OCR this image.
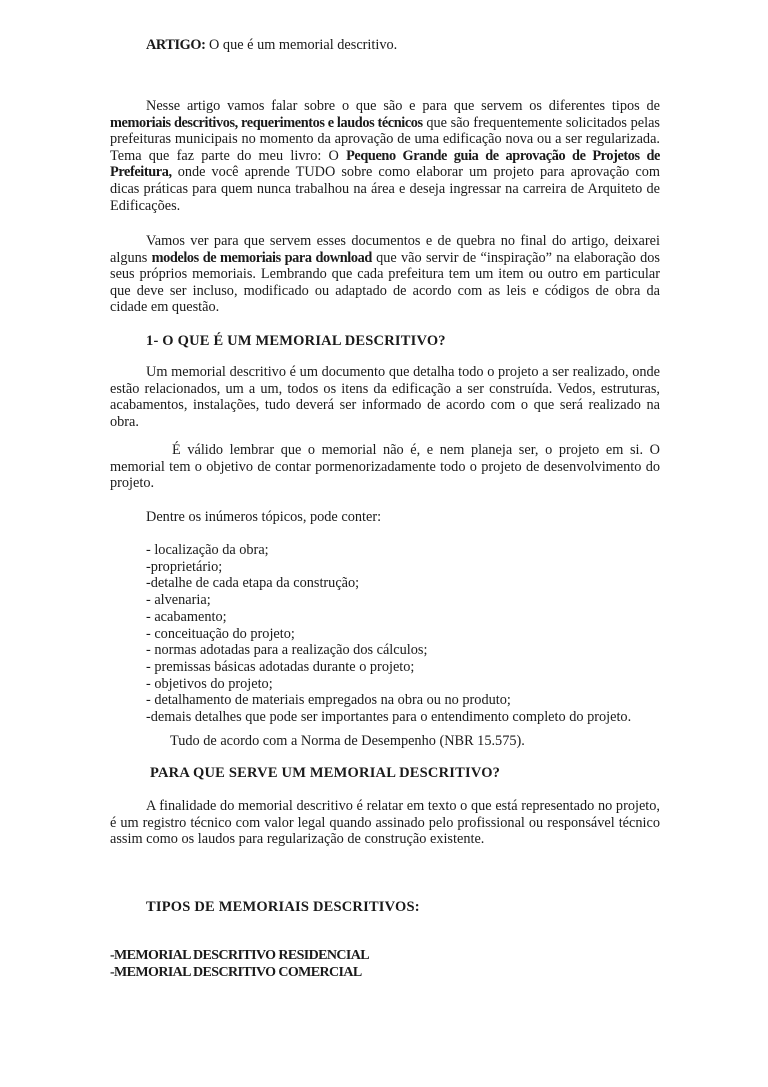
ARTIGO: O que é um memorial descritivo.
Nesse artigo vamos falar sobre o que são e para que servem os diferentes tipos de memoriais descritivos, requerimentos e laudos técnicos que são frequentemente solicitados pelas prefeituras municipais no momento da aprovação de uma edificação nova ou a ser regularizada. Tema que faz parte do meu livro: O Pequeno Grande guia de aprovação de Projetos de Prefeitura, onde você aprende TUDO sobre como elaborar um projeto para aprovação com dicas práticas para quem nunca trabalhou na área e deseja ingressar na carreira de Arquiteto de Edificações.
Vamos ver para que servem esses documentos e de quebra no final do artigo, deixarei alguns modelos de memoriais para download que vão servir de “inspiração” na elaboração dos seus próprios memoriais. Lembrando que cada prefeitura tem um item ou outro em particular que deve ser incluso, modificado ou adaptado de acordo com as leis e códigos de obra da cidade em questão.
1- O QUE É UM MEMORIAL DESCRITIVO?
Um memorial descritivo é um documento que detalha todo o projeto a ser realizado, onde estão relacionados, um a um, todos os itens da edificação a ser construída. Vedos, estruturas, acabamentos, instalações, tudo deverá ser informado de acordo com o que será realizado na obra.
É válido lembrar que o memorial não é, e nem planeja ser, o projeto em si. O memorial tem o objetivo de contar pormenorizadamente todo o projeto de desenvolvimento do projeto.
Dentre os inúmeros tópicos, pode conter:
- localização da obra;
-proprietário;
-detalhe de cada etapa da construção;
- alvenaria;
- acabamento;
- conceituação do projeto;
- normas adotadas para a realização dos cálculos;
- premissas básicas adotadas durante o projeto;
- objetivos do projeto;
- detalhamento de materiais empregados na obra ou no produto;
-demais detalhes que pode ser importantes para o entendimento completo do projeto.
Tudo de acordo com a Norma de Desempenho (NBR 15.575).
PARA QUE SERVE UM MEMORIAL DESCRITIVO?
A finalidade do memorial descritivo é relatar em texto o que está representado no projeto, é um registro técnico com valor legal quando assinado pelo profissional ou responsável técnico assim como os laudos para regularização de construção existente.
TIPOS DE MEMORIAIS DESCRITIVOS:
-MEMORIAL DESCRITIVO RESIDENCIAL
-MEMORIAL DESCRITIVO COMERCIAL
